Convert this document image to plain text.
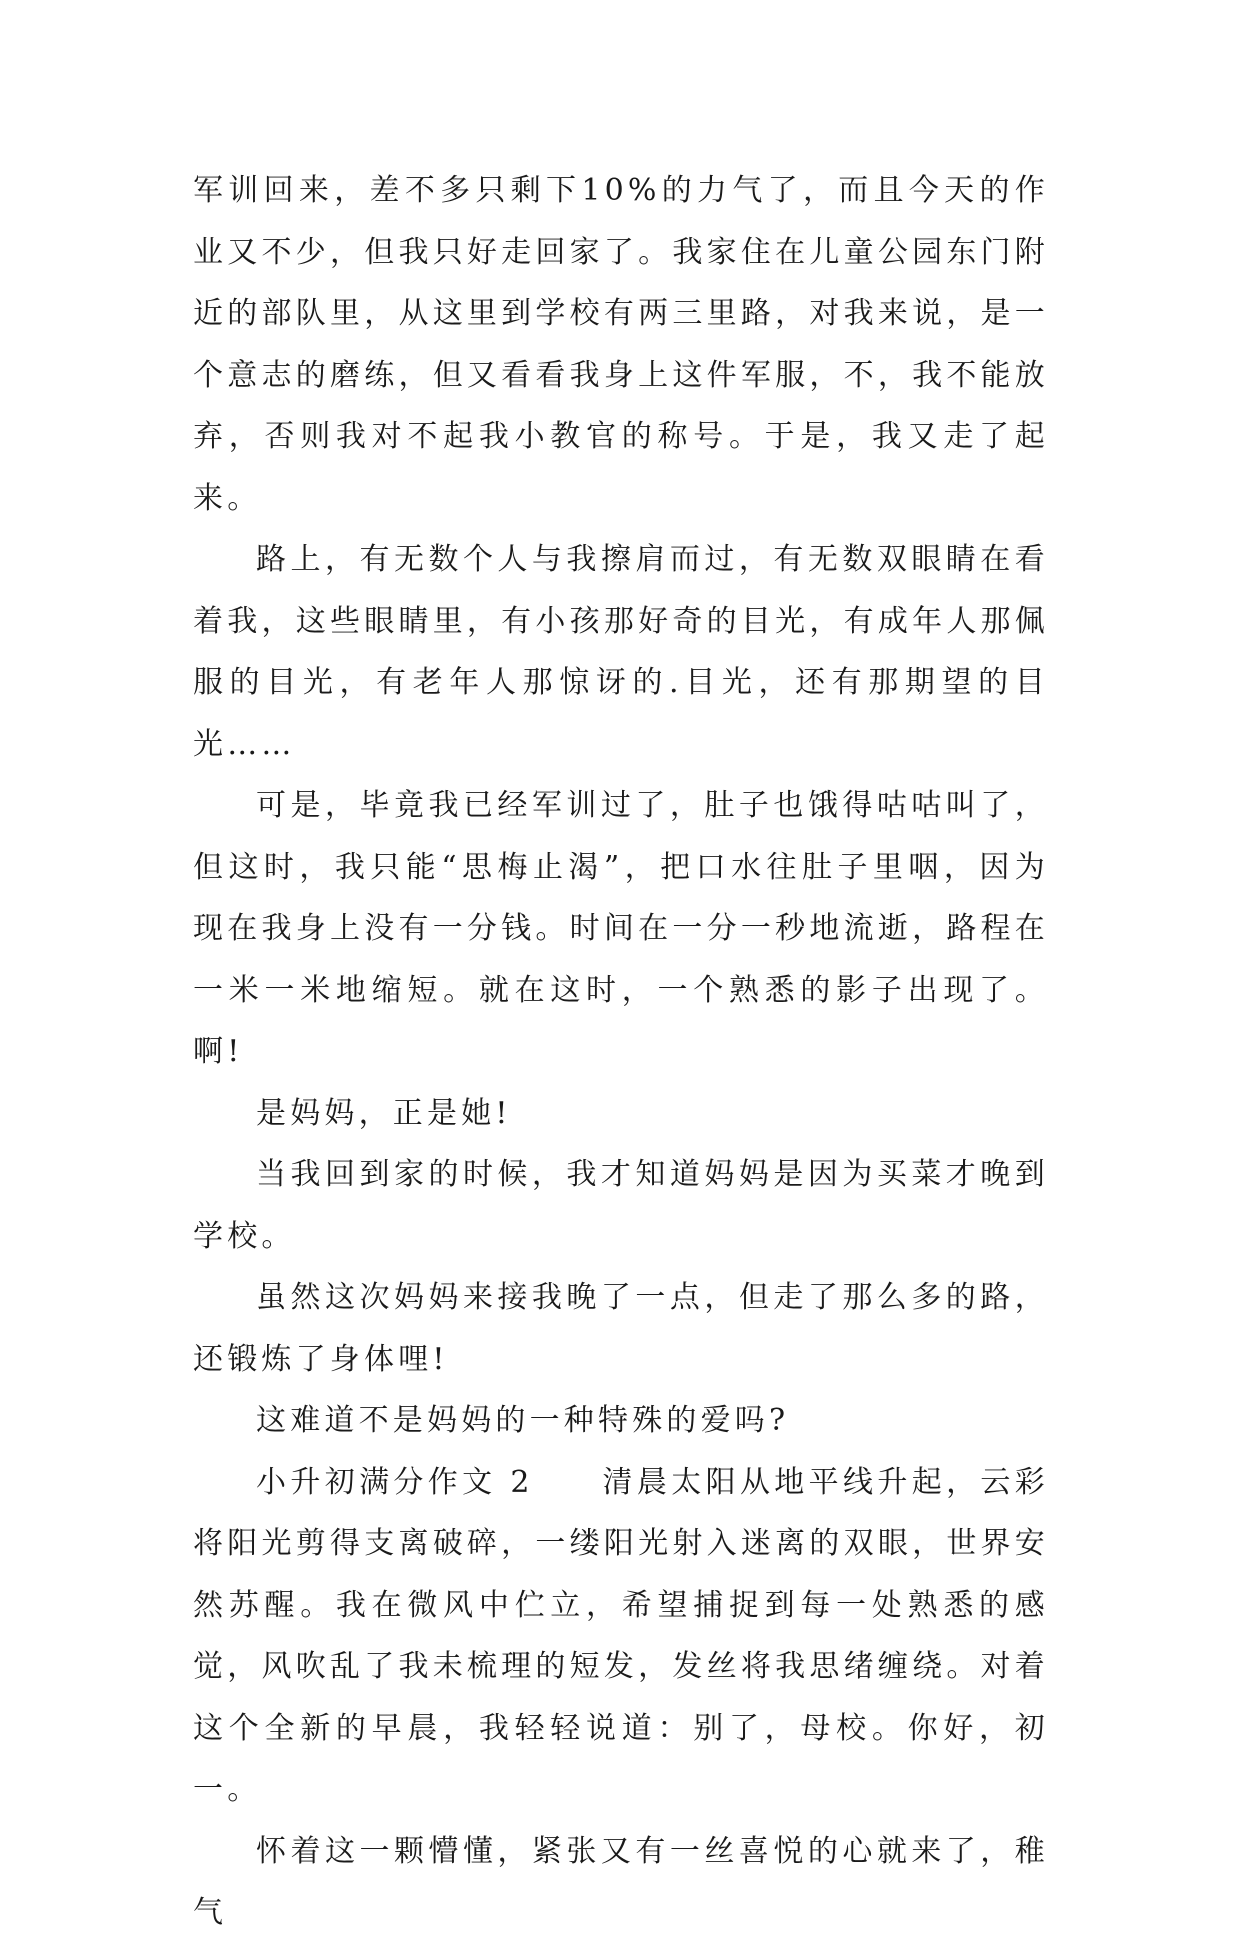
军训回来，差不多只剩下10%的力气了，而且今天的作业又不少，但我只好走回家了。我家住在儿童公园东门附近的部队里，从这里到学校有两三里路，对我来说，是一个意志的磨练，但又看看我身上这件军服，不，我不能放弃，否则我对不起我小教官的称号。于是，我又走了起来。

路上，有无数个人与我擦肩而过，有无数双眼睛在看着我，这些眼睛里，有小孩那好奇的目光，有成年人那佩服的目光，有老年人那惊讶的.目光，还有那期望的目光……

可是，毕竟我已经军训过了，肚子也饿得咕咕叫了，但这时，我只能“思梅止渴”，把口水往肚子里咽，因为现在我身上没有一分钱。时间在一分一秒地流逝，路程在一米一米地缩短。就在这时，一个熟悉的影子出现了。啊!

是妈妈，正是她!

当我回到家的时候，我才知道妈妈是因为买菜才晚到学校。

虽然这次妈妈来接我晚了一点，但走了那么多的路，还锻炼了身体哩!

这难道不是妈妈的一种特殊的爱吗?

小升初满分作文 2　　清晨太阳从地平线升起，云彩将阳光剪得支离破碎，一缕阳光射入迷离的双眼，世界安然苏醒。我在微风中伫立，希望捕捉到每一处熟悉的感觉，风吹乱了我未梳理的短发，发丝将我思绪缠绕。对着这个全新的早晨，我轻轻说道：别了，母校。你好，初一。

怀着这一颗懵懂，紧张又有一丝喜悦的心就来了，稚气
